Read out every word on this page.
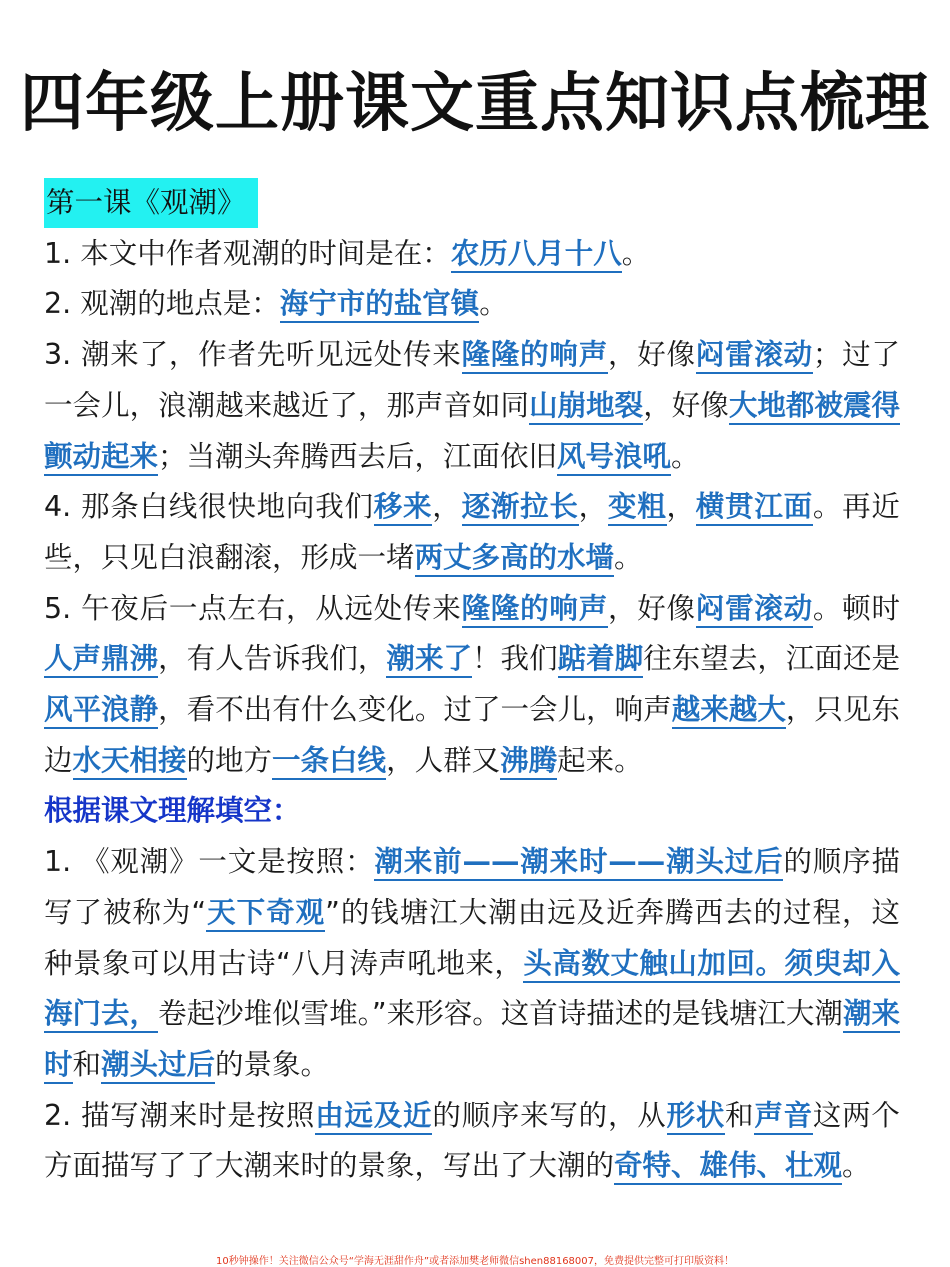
四年级上册课文重点知识点梳理
第一课《观潮》

1. 本文中作者观潮的时间是在：农历八月十八。

2. 观潮的地点是：海宁市的盐官镇。

3. 潮来了，作者先听见远处传来隆隆的响声，好像闷雷滚动；过了一会儿，浪潮越来越近了，那声音如同山崩地裂，好像大地都被震得颤动起来；当潮头奔腾西去后，江面依旧风号浪吼。

4. 那条白线很快地向我们移来，逐渐拉长，变粗，横贯江面。再近些，只见白浪翻滚，形成一堵两丈多高的水墙。

5. 午夜后一点左右，从远处传来隆隆的响声，好像闷雷滚动。顿时人声鼎沸，有人告诉我们，潮来了！我们踮着脚往东望去，江面还是风平浪静，看不出有什么变化。过了一会儿，响声越来越大，只见东边水天相接的地方一条白线，人群又沸腾起来。

根据课文理解填空：

1. 《观潮》一文是按照：潮来前——潮来时——潮头过后的顺序描写了被称为“天下奇观”的钱塘江大潮由远及近奔腾西去的过程，这种景象可以用古诗“八月涛声吼地来，头高数丈触山加回。须臾却入海门去，卷起沙堆似雪堆。”来形容。这首诗描述的是钱塘江大潮潮来时和潮头过后的景象。

2. 描写潮来时是按照由远及近的顺序来写的，从形状和声音这两个方面描写了了大潮来时的景象，写出了大潮的奇特、雄伟、壮观。

10秒钟操作！关注微信公众号“学海无涯甜作舟”或者添加樊老师微信shen88168007，免费提供完整可打印版资料！
